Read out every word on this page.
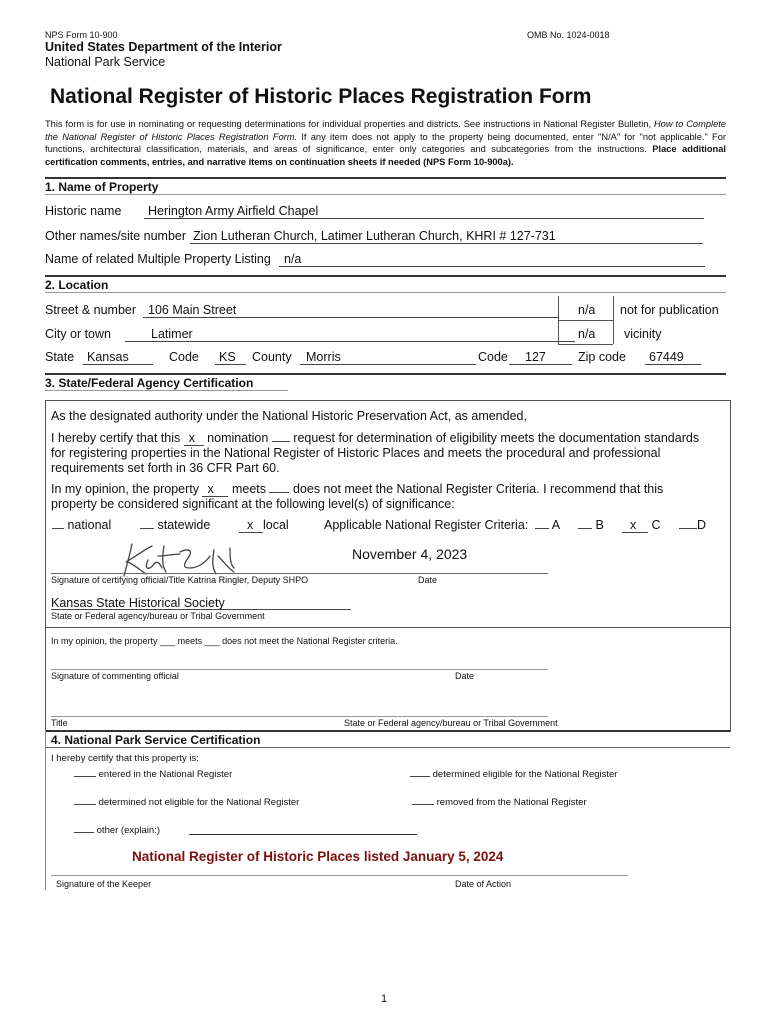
NPS Form 10-900	OMB No. 1024-0018
United States Department of the Interior
National Park Service
National Register of Historic Places Registration Form
This form is for use in nominating or requesting determinations for individual properties and districts. See instructions in National Register Bulletin, How to Complete the National Register of Historic Places Registration Form. If any item does not apply to the property being documented, enter "N/A" for "not applicable." For functions, architectural classification, materials, and areas of significance, enter only categories and subcategories from the instructions. Place additional certification comments, entries, and narrative items on continuation sheets if needed (NPS Form 10-900a).
1. Name of Property
Historic name	Herington Army Airfield Chapel
Other names/site number Zion Lutheran Church, Latimer Lutheran Church, KHRI # 127-731
Name of related Multiple Property Listing	n/a
2. Location
Street & number 106 Main Street	n/a not for publication
City or town	Latimer	n/a vicinity
State	Kansas	Code	KS	County	Morris	Code	127	Zip code	67449
3. State/Federal Agency Certification
As the designated authority under the National Historic Preservation Act, as amended,
I hereby certify that this x nomination  request for determination of eligibility meets the documentation standards
for registering properties in the National Register of Historic Places and meets the procedural and professional
requirements set forth in 36 CFR Part 60.
In my opinion, the property x meets  does not meet the National Register Criteria. I recommend that this
property be considered significant at the following level(s) of significance:
national	statewide	x local	Applicable National Register Criteria:	A	B	x C	D
November 4, 2023
Signature of certifying official/Title Katrina Ringler, Deputy SHPO	Date
Kansas State Historical Society
State or Federal agency/bureau or Tribal Government
In my opinion, the property ___ meets ___ does not meet the National Register criteria.
Signature of commenting official	Date
Title	State or Federal agency/bureau or Tribal Government
4. National Park Service Certification
I hereby certify that this property is:
entered in the National Register	determined eligible for the National Register
determined not eligible for the National Register	removed from the National Register
other (explain:)
National Register of Historic Places listed January 5, 2024
Signature of the Keeper	Date of Action
1
